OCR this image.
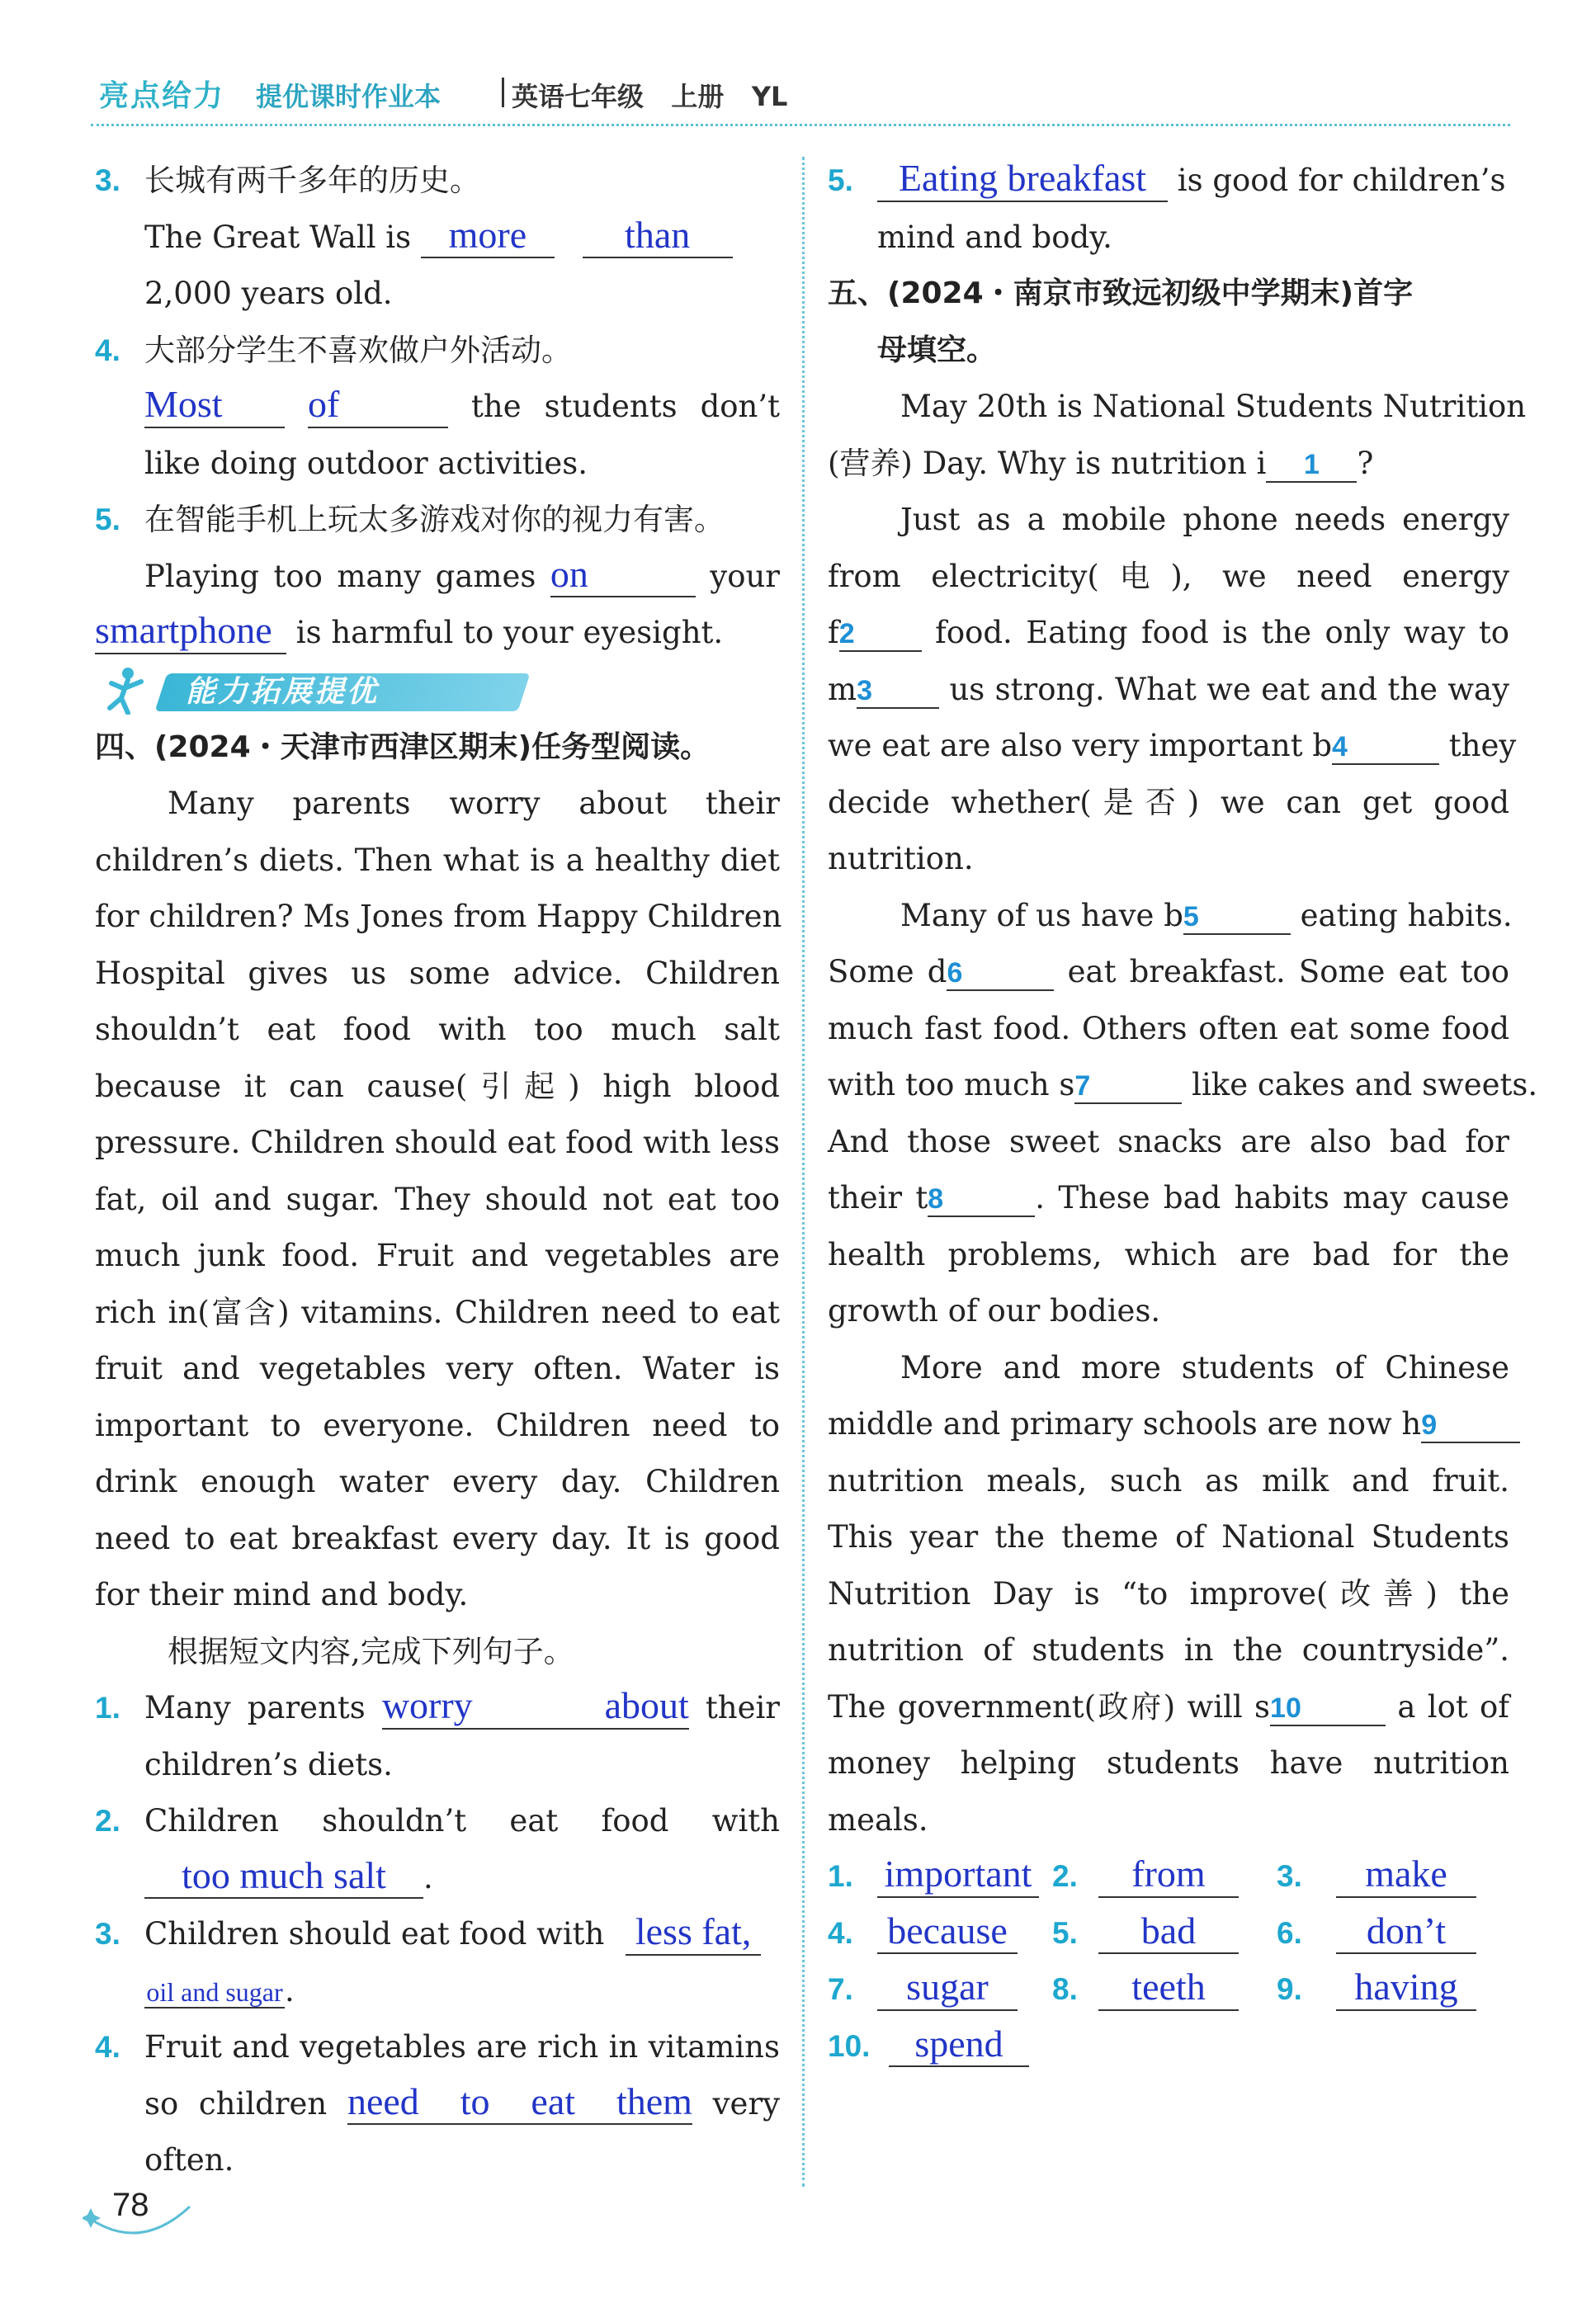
亮点给力 提优课时作业本	英语七年级   上册   YL
3. 长城有两千多年的历史。
The Great Wall is more	than
2,000 years old.
4. 大部分学生不喜欢做户外活动。
Most of	the students don’t
like doing outdoor activities.
5. 在智能手机上玩太多游戏对你的视力有害。
Playing too many games on	your
smartphone is harmful to your eyesight.
能力拓展提优
四、(2024・天津市西津区期末)任务型阅读。
Many parents worry about their
children’s diets. Then what is a healthy diet
for children? Ms Jones from Happy Children
Hospital gives us some advice. Children
shouldn’t eat food with too much salt
because it can cause(引起) high blood
pressure. Children should eat food with less
fat, oil and sugar. They should not eat too
much junk food. Fruit and vegetables are
rich in(富含) vitamins. Children need to eat
fruit and vegetables very often. Water is
important to everyone. Children need to
drink enough water every day. Children
need to eat breakfast every day. It is good
for their mind and body.
根据短文内容,完成下列句子。
1. Many parents worry about their
children’s diets.
2. Children shouldn’t eat food with
too much salt .
3. Children should eat food with less fat,
oil and sugar.
4. Fruit and vegetables are rich in vitamins
so children need to eat them very
often.
5. Eating breakfast is good for children’s
mind and body.
五、(2024・南京市致远初级中学期末)首字
母填空。
May 20th is National Students Nutrition
(营养) Day. Why is nutrition i 1 ?
Just as a mobile phone needs energy
from electricity(电), we need energy
f2	food. Eating food is the only way to
m3	us strong. What we eat and the way
we eat are also very important b4	they
decide whether(是否) we can get good
nutrition.
Many of us have b5	eating habits.
Some d6	eat breakfast. Some eat too
much fast food. Others often eat some food
with too much s7	like cakes and sweets.
And those sweet snacks are also bad for
their t8	. These bad habits may cause
health problems, which are bad for the
growth of our bodies.
More and more students of Chinese
middle and primary schools are now h9
nutrition meals, such as milk and fruit.
This year the theme of National Students
Nutrition Day is “to improve(改善) the
nutrition of students in the countryside”.
The government(政府) will s10	a lot of
money helping students have nutrition
meals.
1. important 2. from 3. make
4. because 5. bad	6. don’t
7. sugar 8. teeth 9. having
10. spend
78
